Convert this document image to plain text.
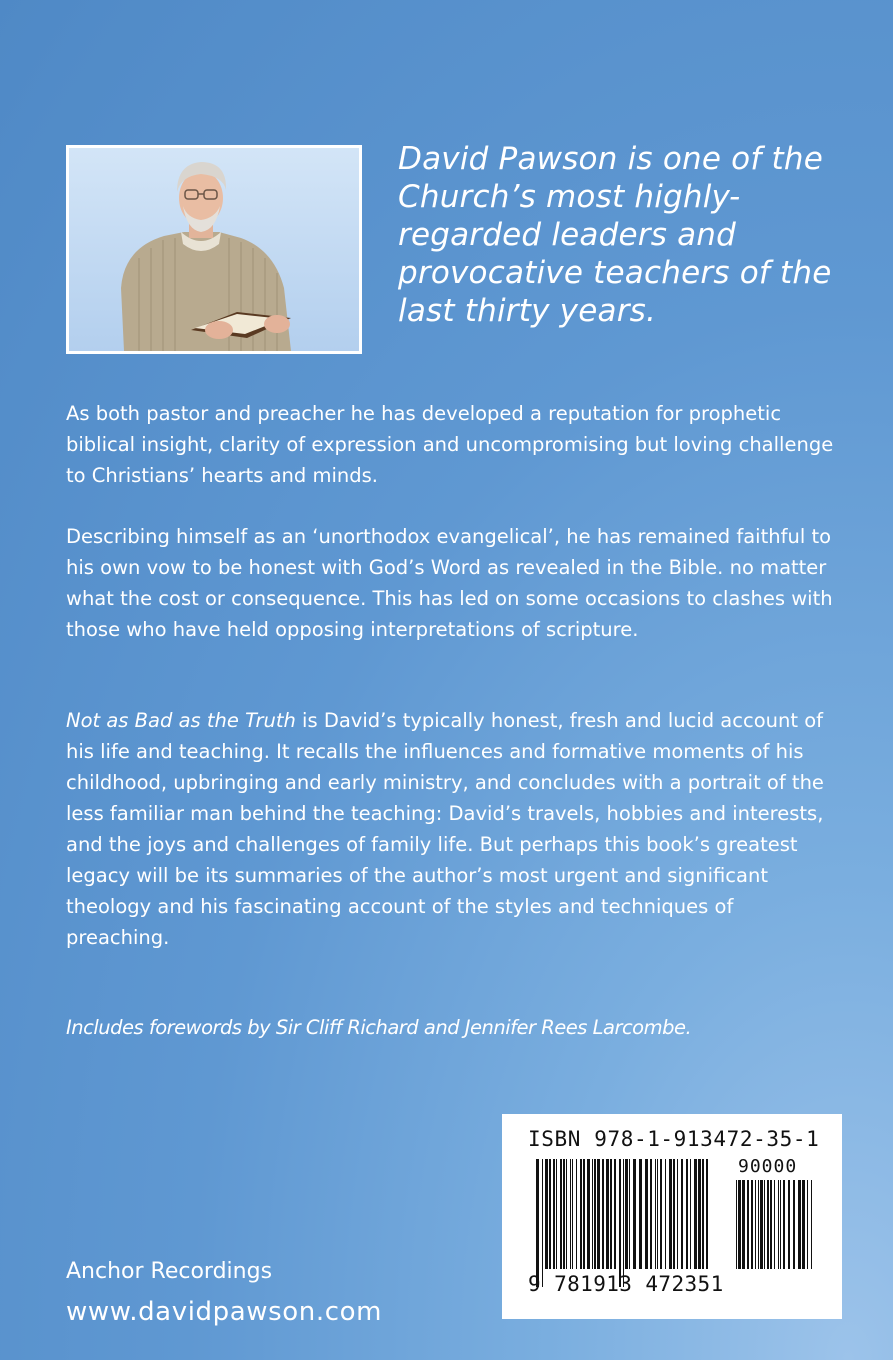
David Pawson is one of the Church’s most highly-regarded leaders and provocative teachers of the last thirty years.

As both pastor and preacher he has developed a reputation for prophetic biblical insight, clarity of expression and uncompromising but loving challenge to Christians’ hearts and minds.

Describing himself as an ‘unorthodox evangelical’, he has remained faithful to his own vow to be honest with God’s Word as revealed in the Bible. no matter what the cost or consequence. This has led on some occasions to clashes with those who have held opposing interpretations of scripture.

Not as Bad as the Truth is David’s typically honest, fresh and lucid account of his life and teaching. It recalls the influences and formative moments of his childhood, upbringing and early ministry, and concludes with a portrait of the less familiar man behind the teaching: David’s travels, hobbies and interests, and the joys and challenges of family life. But perhaps this book’s greatest legacy will be its summaries of the author’s most urgent and significant theology and his fascinating account of the styles and techniques of preaching.

Includes forewords by Sir Cliff Richard and Jennifer Rees Larcombe.

Anchor Recordings

www.davidpawson.com

ISBN 978-1-913472-35-1
90000
9 781913 472351
